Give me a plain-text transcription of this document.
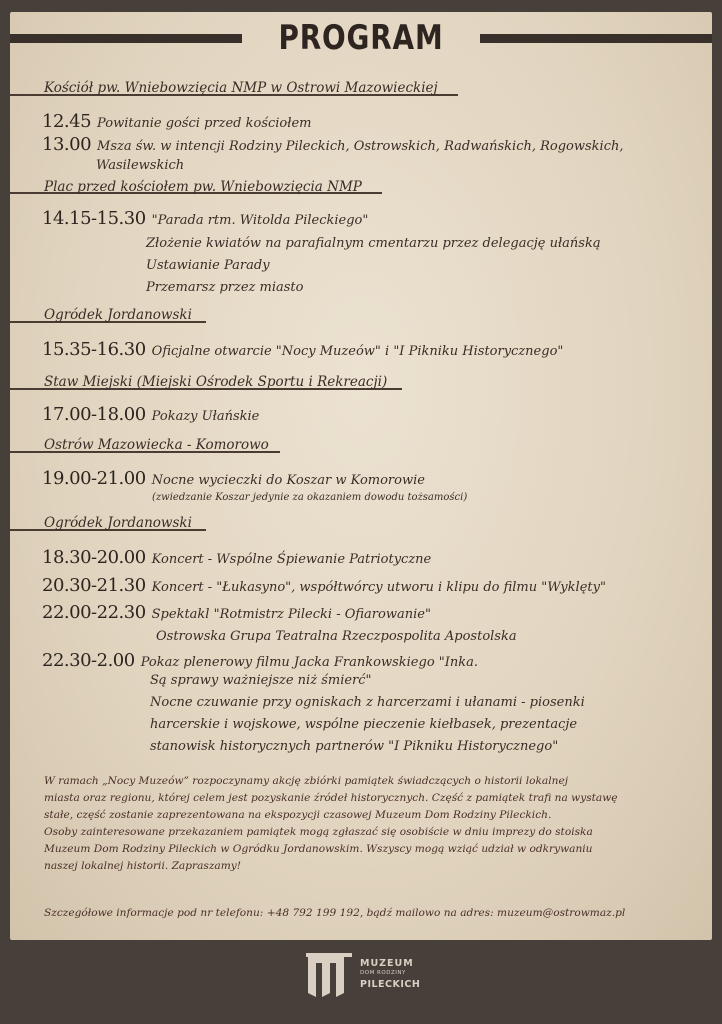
PROGRAM
Kościół pw. Wniebowzięcia NMP w Ostrowi Mazowieckiej
12.45 Powitanie gości przed kościołem
13.00 Msza św. w intencji Rodziny Pileckich, Ostrowskich, Radwańskich, Rogowskich,
Wasilewskich
Plac przed kościołem pw. Wniebowzięcia NMP
14.15-15.30 "Parada rtm. Witolda Pileckiego"
Złożenie kwiatów na parafialnym cmentarzu przez delegację ułańską
Ustawianie Parady
Przemarsz przez miasto
Ogródek Jordanowski
15.35-16.30 Oficjalne otwarcie "Nocy Muzeów" i "I Pikniku Historycznego"
Staw Miejski (Miejski Ośrodek Sportu i Rekreacji)
17.00-18.00 Pokazy Ułańskie
Ostrów Mazowiecka - Komorowo
19.00-21.00 Nocne wycieczki do Koszar w Komorowie
(zwiedzanie Koszar jedynie za okazaniem dowodu tożsamości)
Ogródek Jordanowski
18.30-20.00 Koncert - Wspólne Śpiewanie Patriotyczne
20.30-21.30 Koncert - "Łukasyno", współtwórcy utworu i klipu do filmu "Wyklęty"
22.00-22.30 Spektakl "Rotmistrz Pilecki - Ofiarowanie"
Ostrowska Grupa Teatralna Rzeczpospolita Apostolska
22.30-2.00 Pokaz plenerowy filmu Jacka Frankowskiego "Inka.
Są sprawy ważniejsze niż śmierć"
Nocne czuwanie przy ogniskach z harcerzami i ułanami - piosenki
harcerskie i wojskowe, wspólne pieczenie kiełbasek, prezentacje
stanowisk historycznych partnerów "I Pikniku Historycznego"
W ramach „Nocy Muzeów” rozpoczynamy akcję zbiórki pamiątek świadczących o historii lokalnej
miasta oraz regionu, której celem jest pozyskanie źródeł historycznych. Część z pamiątek trafi na wystawę
stałe, część zostanie zaprezentowana na ekspozycji czasowej Muzeum Dom Rodziny Pileckich.
Osoby zainteresowane przekazaniem pamiątek mogą zgłaszać się osobiście w dniu imprezy do stoiska
Muzeum Dom Rodziny Pileckich w Ogródku Jordanowskim. Wszyscy mogą wziąć udział w odkrywaniu
naszej lokalnej historii. Zapraszamy!
Szczegółowe informacje pod nr telefonu: +48 792 199 192, bądź mailowo na adres: muzeum@ostrowmaz.pl
MUZEUM
DOM RODZINY
PILECKICH
